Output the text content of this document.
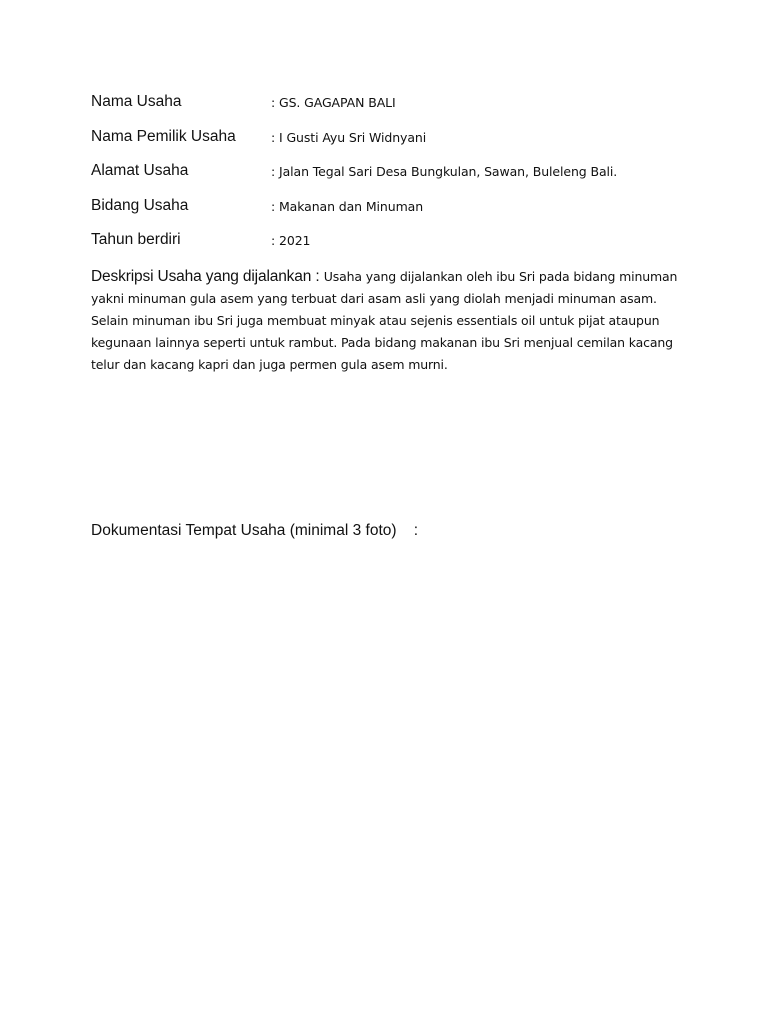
Nama Usaha	: GS. GAGAPAN BALI
Nama Pemilik Usaha	: I Gusti Ayu Sri Widnyani
Alamat Usaha	: Jalan Tegal Sari Desa Bungkulan, Sawan, Buleleng Bali.
Bidang Usaha	: Makanan dan Minuman
Tahun berdiri	: 2021
Deskripsi Usaha yang dijalankan : Usaha yang dijalankan oleh ibu Sri pada bidang minuman yakni minuman gula asem yang terbuat dari asam asli yang diolah menjadi minuman asam. Selain minuman ibu Sri juga membuat minyak atau sejenis essentials oil untuk pijat ataupun kegunaan lainnya seperti untuk rambut. Pada bidang makanan ibu Sri menjual cemilan kacang telur dan kacang kapri dan juga permen gula asem murni.
Dokumentasi Tempat Usaha (minimal 3 foto)    :
